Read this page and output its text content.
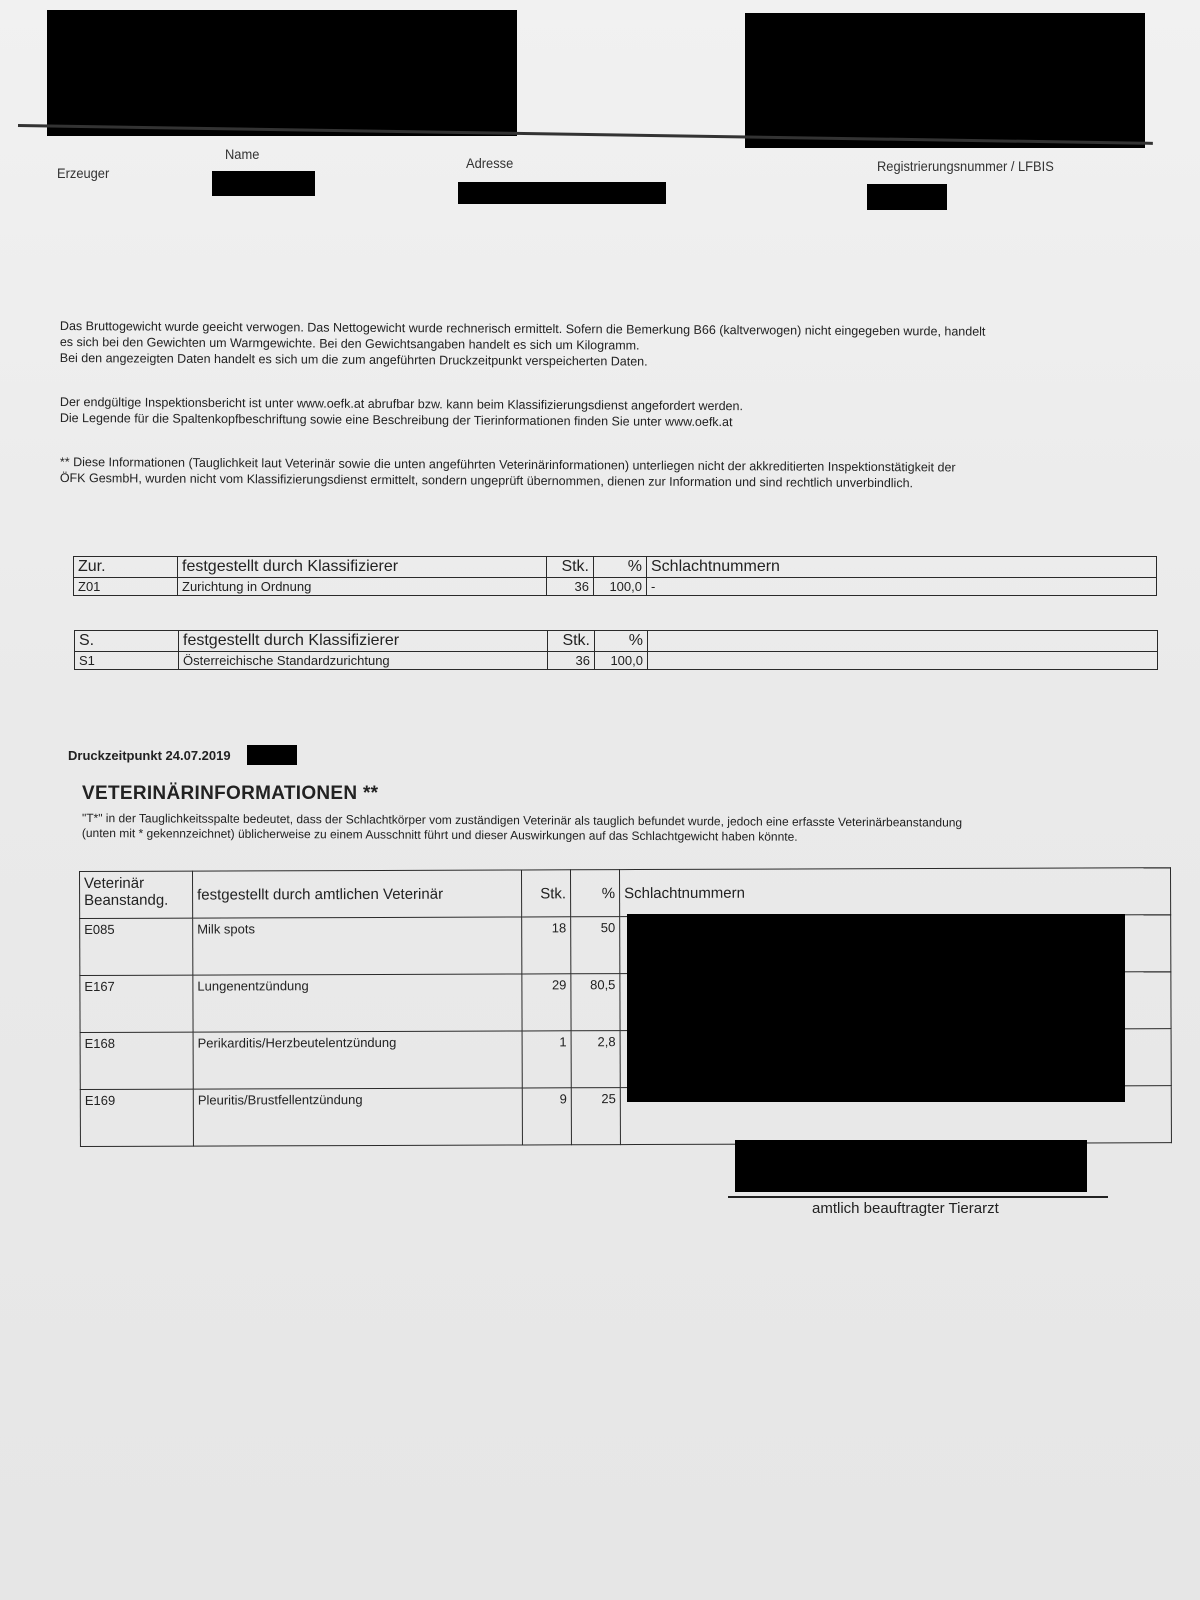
Erzeuger
Name
Adresse	Registrierungsnummer / LFBIS
Das Bruttogewicht wurde geeicht verwogen. Das Nettogewicht wurde rechnerisch ermittelt. Sofern die Bemerkung B66 (kaltverwogen) nicht eingegeben wurde, handelt
es sich bei den Gewichten um Warmgewichte. Bei den Gewichtsangaben handelt es sich um Kilogramm.
Bei den angezeigten Daten handelt es sich um die zum angeführten Druckzeitpunkt verspeicherten Daten.
Der endgültige Inspektionsbericht ist unter www.oefk.at abrufbar bzw. kann beim Klassifizierungsdienst angefordert werden.
Die Legende für die Spaltenkopfbeschriftung sowie eine Beschreibung der Tierinformationen finden Sie unter www.oefk.at
** Diese Informationen (Tauglichkeit laut Veterinär sowie die unten angeführten Veterinärinformationen) unterliegen nicht der akkreditierten Inspektionstätigkeit der
ÖFK GesmbH, wurden nicht vom Klassifizierungsdienst ermittelt, sondern ungeprüft übernommen, dienen zur Information und sind rechtlich unverbindlich.
Zur.	festgestellt durch Klassifizierer	Stk.	%	Schlachtnummern
Z01	Zurichtung in Ordnung	36	100,0	-
S.	festgestellt durch Klassifizierer	Stk.	%	
S1	Österreichische Standardzurichtung	36	100,0	
Druckzeitpunkt 24.07.2019
VETERINÄRINFORMATIONEN **
"T*" in der Tauglichkeitsspalte bedeutet, dass der Schlachtkörper vom zuständigen Veterinär als tauglich befundet wurde, jedoch eine erfasste Veterinärbeanstandung
(unten mit * gekennzeichnet) üblicherweise zu einem Ausschnitt führt und dieser Auswirkungen auf das Schlachtgewicht haben könnte.
Veterinär Beanstandg.	festgestellt durch amtlichen Veterinär	Stk.	%	Schlachtnummern
E085	Milk spots	18	50	
E167	Lungenentzündung	29	80,5	
E168	Perikarditis/Herzbeutelentzündung	1	2,8	
E169	Pleuritis/Brustfellentzündung	9	25	
amtlich beauftragter Tierarzt
